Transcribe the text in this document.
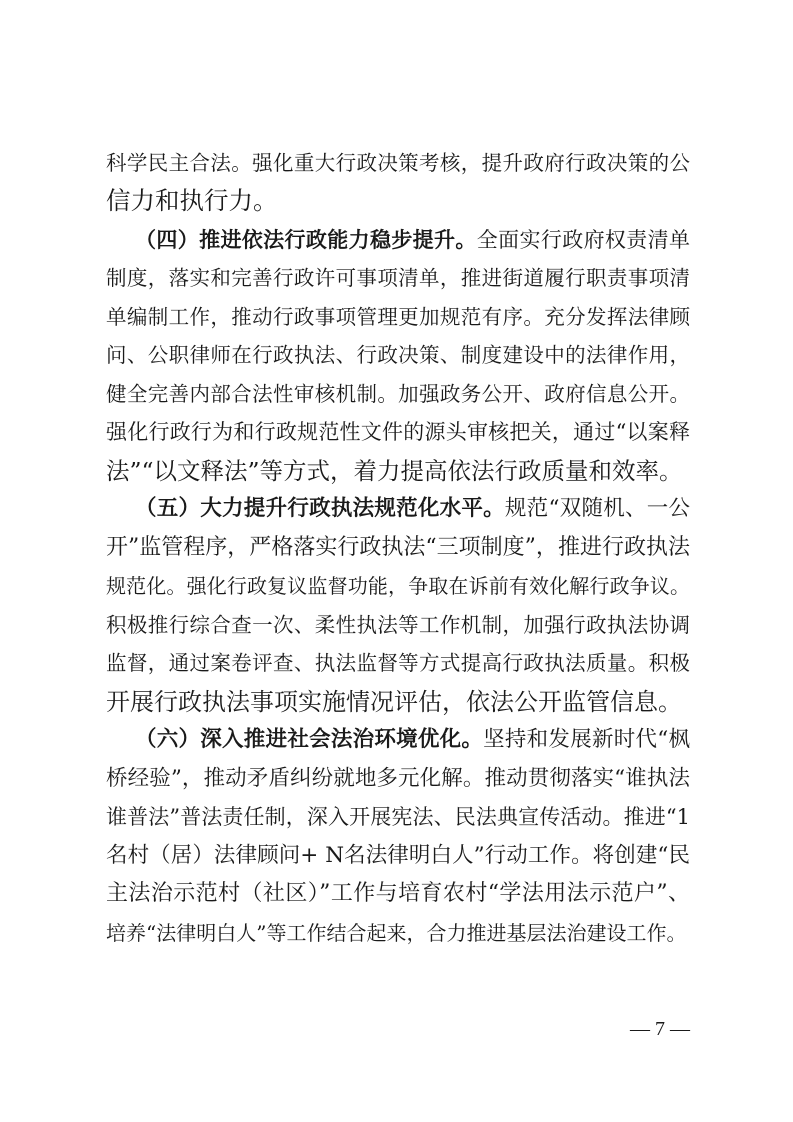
科学民主合法。强化重大行政决策考核，提升政府行政决策的公
信力和执行力。
（四）推进依法行政能力稳步提升。全面实行政府权责清单
制度，落实和完善行政许可事项清单，推进街道履行职责事项清
单编制工作，推动行政事项管理更加规范有序。充分发挥法律顾
问、公职律师在行政执法、行政决策、制度建设中的法律作用，
健全完善内部合法性审核机制。加强政务公开、政府信息公开。
强化行政行为和行政规范性文件的源头审核把关，通过“以案释
法”“以文释法”等方式，着力提高依法行政质量和效率。
（五）大力提升行政执法规范化水平。规范“双随机、一公
开”监管程序，严格落实行政执法“三项制度”，推进行政执法
规范化。强化行政复议监督功能，争取在诉前有效化解行政争议。
积极推行综合查一次、柔性执法等工作机制，加强行政执法协调
监督，通过案卷评查、执法监督等方式提高行政执法质量。积极
开展行政执法事项实施情况评估，依法公开监管信息。
（六）深入推进社会法治环境优化。坚持和发展新时代“枫
桥经验”，推动矛盾纠纷就地多元化解。推动贯彻落实“谁执法
谁普法”普法责任制，深入开展宪法、民法典宣传活动。推进“1
名村（居）法律顾问+ N名法律明白人”行动工作。将创建“民
主法治示范村（社区）”工作与培育农村“学法用法示范户”、
培养“法律明白人”等工作结合起来，合力推进基层法治建设工作。
— 7 —
